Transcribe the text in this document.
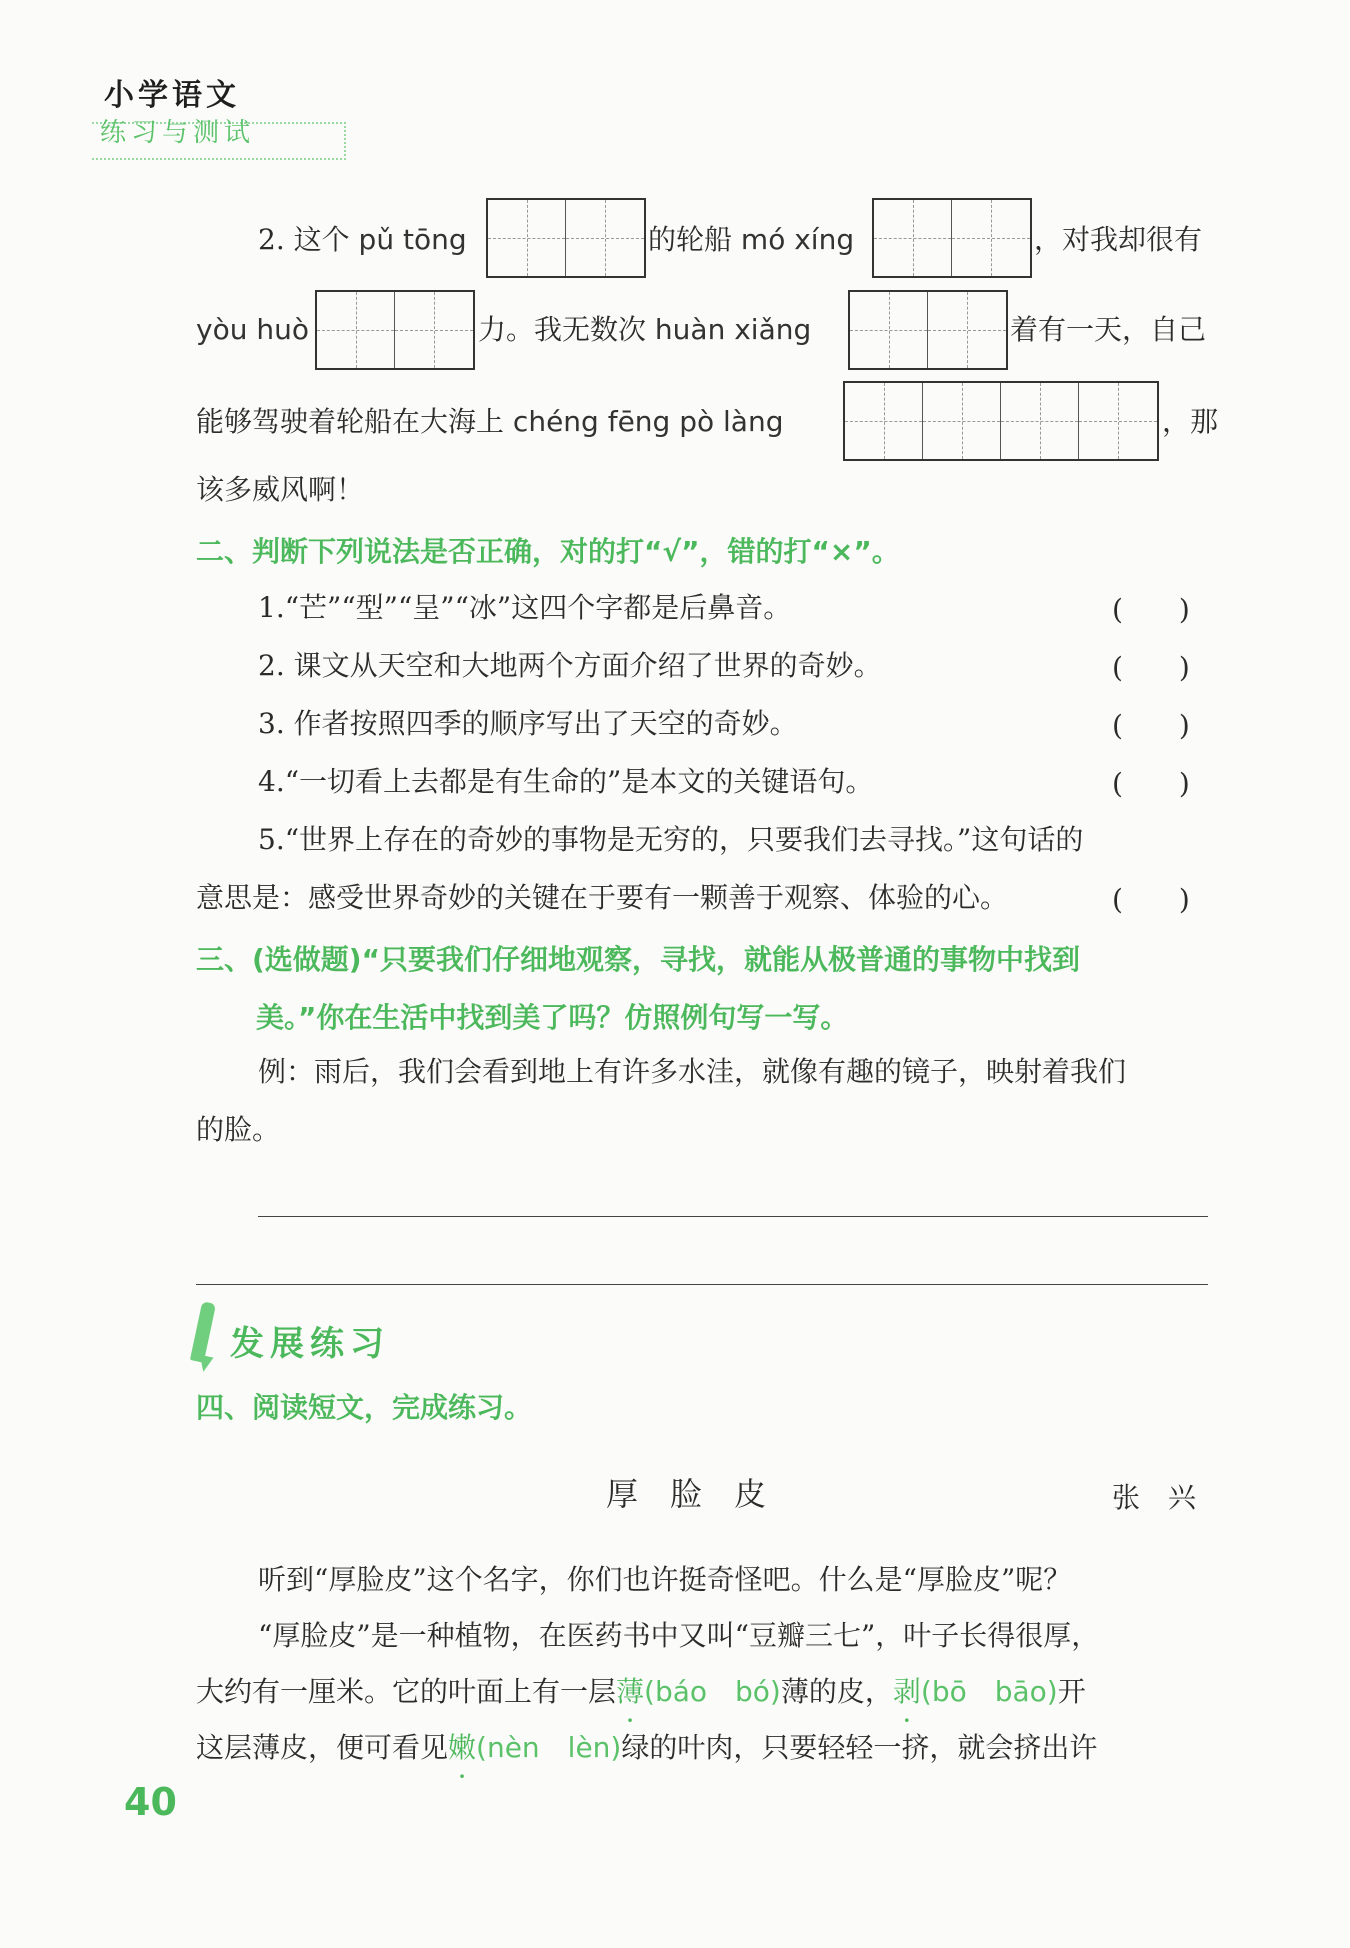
小学语文
练习与测试
2. 这个 pǔ tōng	的轮船 mó xíng	，对我却很有
yòu huò	力。我无数次 huàn xiǎng	着有一天，自己
能够驾驶着轮船在大海上 chéng fēng pò làng	，那
该多威风啊！
二、判断下列说法是否正确，对的打“√”，错的打“×”。
1.“芒”“型”“呈”“冰”这四个字都是后鼻音。	(　　)
2. 课文从天空和大地两个方面介绍了世界的奇妙。	(　　)
3. 作者按照四季的顺序写出了天空的奇妙。	(　　)
4.“一切看上去都是有生命的”是本文的关键语句。	(　　)
5.“世界上存在的奇妙的事物是无穷的，只要我们去寻找。”这句话的
意思是：感受世界奇妙的关键在于要有一颗善于观察、体验的心。	(　　)
三、(选做题)“只要我们仔细地观察，寻找，就能从极普通的事物中找到
美。”你在生活中找到美了吗？仿照例句写一写。
例：雨后，我们会看到地上有许多水洼，就像有趣的镜子，映射着我们
的脸。
发展练习
四、阅读短文，完成练习。
厚　脸　皮	张　兴
听到“厚脸皮”这个名字，你们也许挺奇怪吧。什么是“厚脸皮”呢？
“厚脸皮”是一种植物，在医药书中又叫“豆瓣三七”，叶子长得很厚，
大约有一厘米。它的叶面上有一层薄(báo　bó)薄的皮，剥(bō　bāo)开
这层薄皮，便可看见嫩(nèn　lèn)绿的叶肉，只要轻轻一挤，就会挤出许
40
